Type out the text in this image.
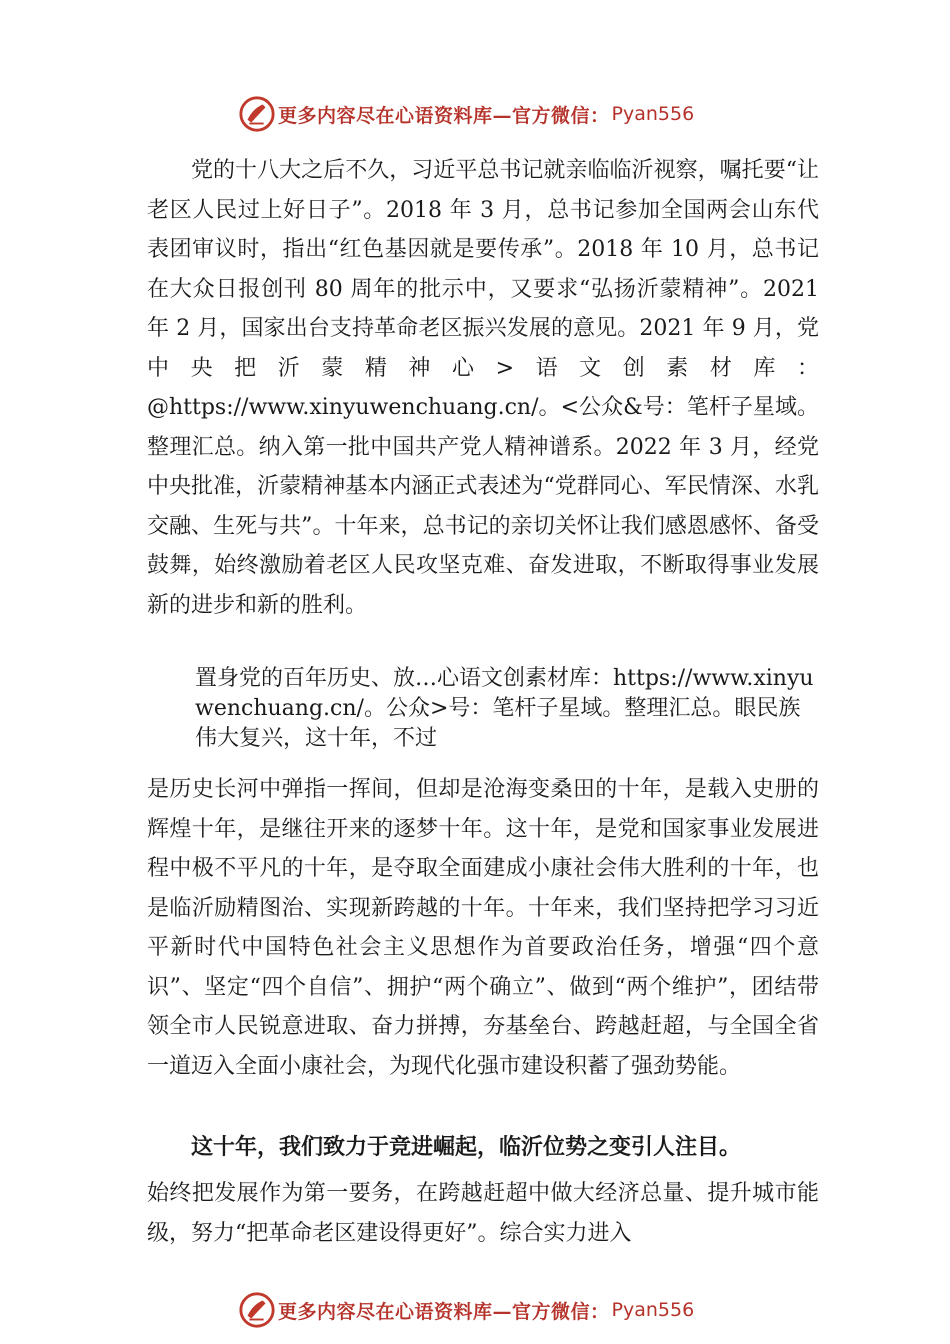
更多内容尽在心语资料库—官方微信： Pyan556

党的十八大之后不久，习近平总书记就亲临临沂视察，嘱托要“让老区人民过上好日子”。2018 年 3 月，总书记参加全国两会山东代表团审议时，指出“红色基因就是要传承”。2018 年 10 月，总书记在大众日报创刊 80 周年的批示中，又要求“弘扬沂蒙精神”。2021 年 2 月，国家出台支持革命老区振兴发展的意见。2021 年 9 月，党中央把沂蒙精神心>语文创素材库：@https://www.xinyuwenchuang.cn/。<公众&号：笔杆子星域。整理汇总。纳入第一批中国共产党人精神谱系。2022 年 3 月，经党中央批准，沂蒙精神基本内涵正式表述为“党群同心、军民情深、水乳交融、生死与共”。十年来，总书记的亲切关怀让我们感恩感怀、备受鼓舞，始终激励着老区人民攻坚克难、奋发进取，不断取得事业发展新的进步和新的胜利。

置身党的百年历史、放…心语文创素材库：https://www.xinyuwenchuang.cn/。公众>号：笔杆子星域。整理汇总。眼民族伟大复兴，这十年，不过

是历史长河中弹指一挥间，但却是沧海变桑田的十年，是载入史册的辉煌十年，是继往开来的逐梦十年。这十年，是党和国家事业发展进程中极不平凡的十年，是夺取全面建成小康社会伟大胜利的十年，也是临沂励精图治、实现新跨越的十年。十年来，我们坚持把学习习近平新时代中国特色社会主义思想作为首要政治任务，增强“四个意识”、坚定“四个自信”、拥护“两个确立”、做到“两个维护”，团结带领全市人民锐意进取、奋力拼搏，夯基垒台、跨越赶超，与全国全省一道迈入全面小康社会，为现代化强市建设积蓄了强劲势能。

这十年，我们致力于竞进崛起，临沂位势之变引人注目。

始终把发展作为第一要务，在跨越赶超中做大经济总量、提升城市能级，努力“把革命老区建设得更好”。综合实力进入

更多内容尽在心语资料库—官方微信： Pyan556
